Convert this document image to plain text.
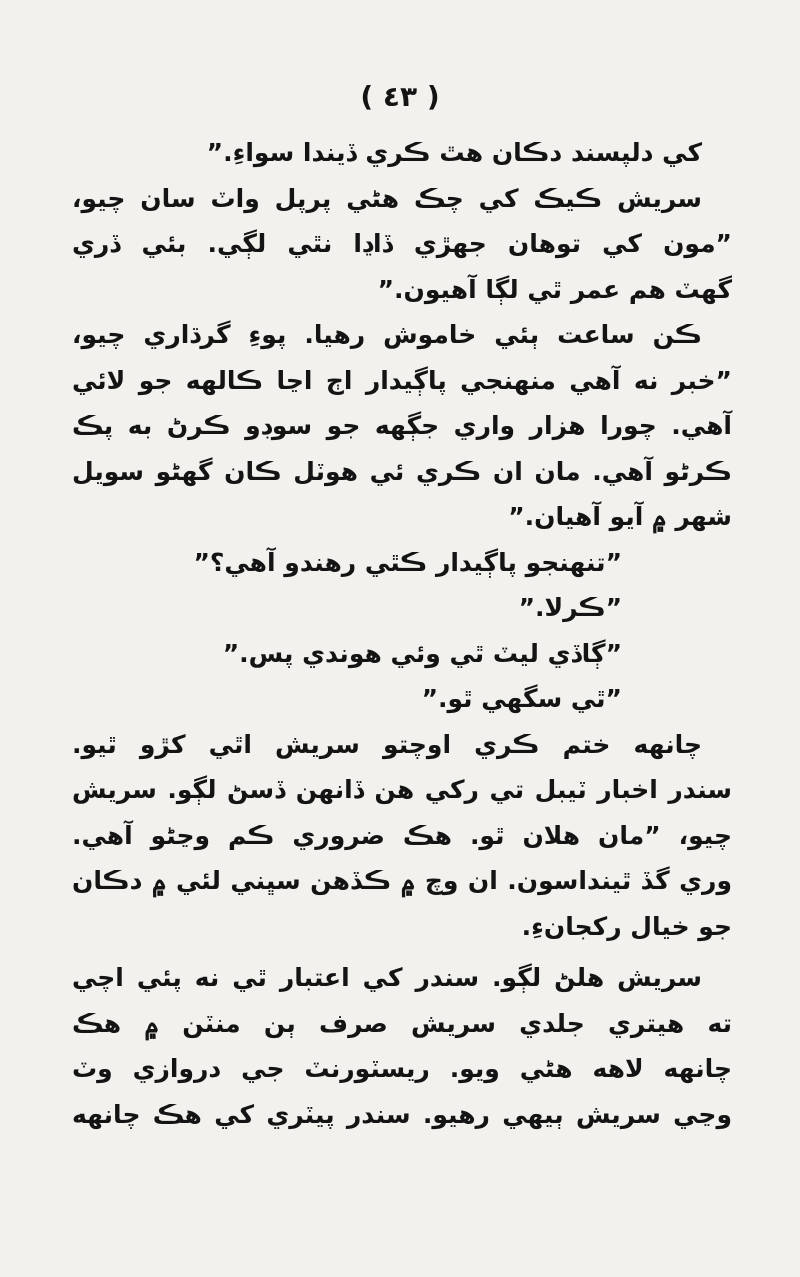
( ٤٣ )
کي دلپسند دڪان هٿ ڪري ڏيندا سواءِ.”
سريش ڪيڪ کي چڪ هڻي پرپل واٽ سان چيو،
”مون کي توهان جهڙي ڏاڍا نٿي لڳي. بئي ڏري
گهٽ هم عمر ٿي لڳا آهيون.”
ڪن ساعت ٻئي خاموش رهيا. پوءِ گرڌاري چيو،
”خبر نه آهي منهنجي پاڳيدار اڄ اڃا ڪالهه جو لائي
آهي. چورا هزار واري جڳهه جو سوڊو ڪرڻ به پڪ
ڪرڻو آهي. مان ان ڪري ئي هوٽل ڪان گهڻو سويل
شهر ۾ آيو آهيان.”
”تنهنجو پاڳيدار ڪٿي رهندو آهي؟”
”ڪرلا.”
”ڳاڏي ليٽ ٿي وئي هوندي پس.”
”ٿي سگهي ٿو.”
چانهه ختم ڪري اوچتو سريش اٿي کڙو ٿيو.
سندر اخبار ٽيبل تي رکي هن ڏانهن ڏسڻ لڳو. سريش
چيو، ”مان هلان ٿو. هڪ ضروري ڪم وڃڻو آهي.
وري گڏ ٿينداسون. ان وچ ۾ ڪڏهن سڀني لئي ۾ دڪان
جو خيال رکجانءِ.
سريش هلڻ لڳو. سندر کي اعتبار ٿي نه پئي اچي
ته هيتري جلدي سريش صرف ٻن منٽن ۾ هڪ
چانهه لاهه هڻي ويو. ريسٽورنٽ جي دروازي وٽ
وڃي سريش ٻيهي رهيو. سندر پيٽري کي هڪ چانهه
